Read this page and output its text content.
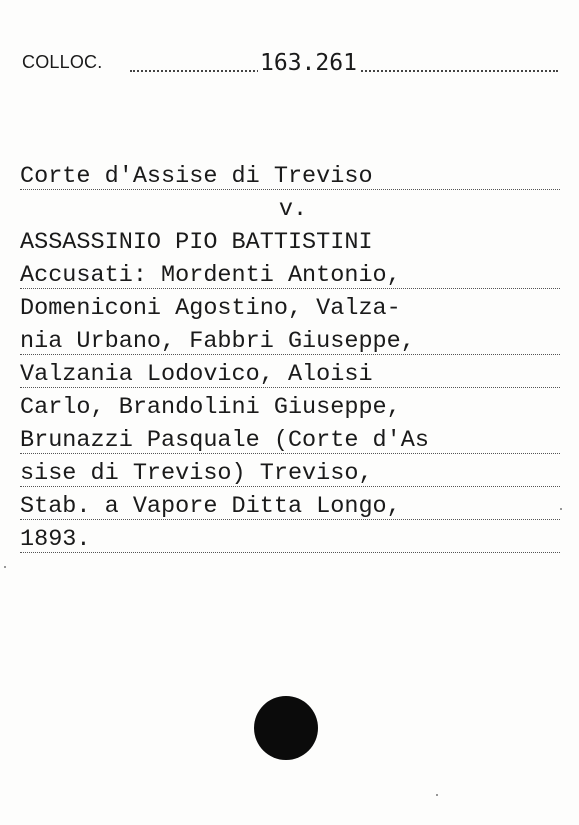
COLLOC.	163.261
Corte d'Assise di Treviso
v.
ASSASSINIO PIO BATTISTINI
Accusati: Mordenti Antonio,
Domeniconi Agostino, Valza-
nia Urbano, Fabbri Giuseppe,
Valzania Lodovico, Aloisi
Carlo, Brandolini Giuseppe,
Brunazzi Pasquale (Corte d'As
sise di Treviso) Treviso,
Stab. a Vapore Ditta Longo,
1893.
